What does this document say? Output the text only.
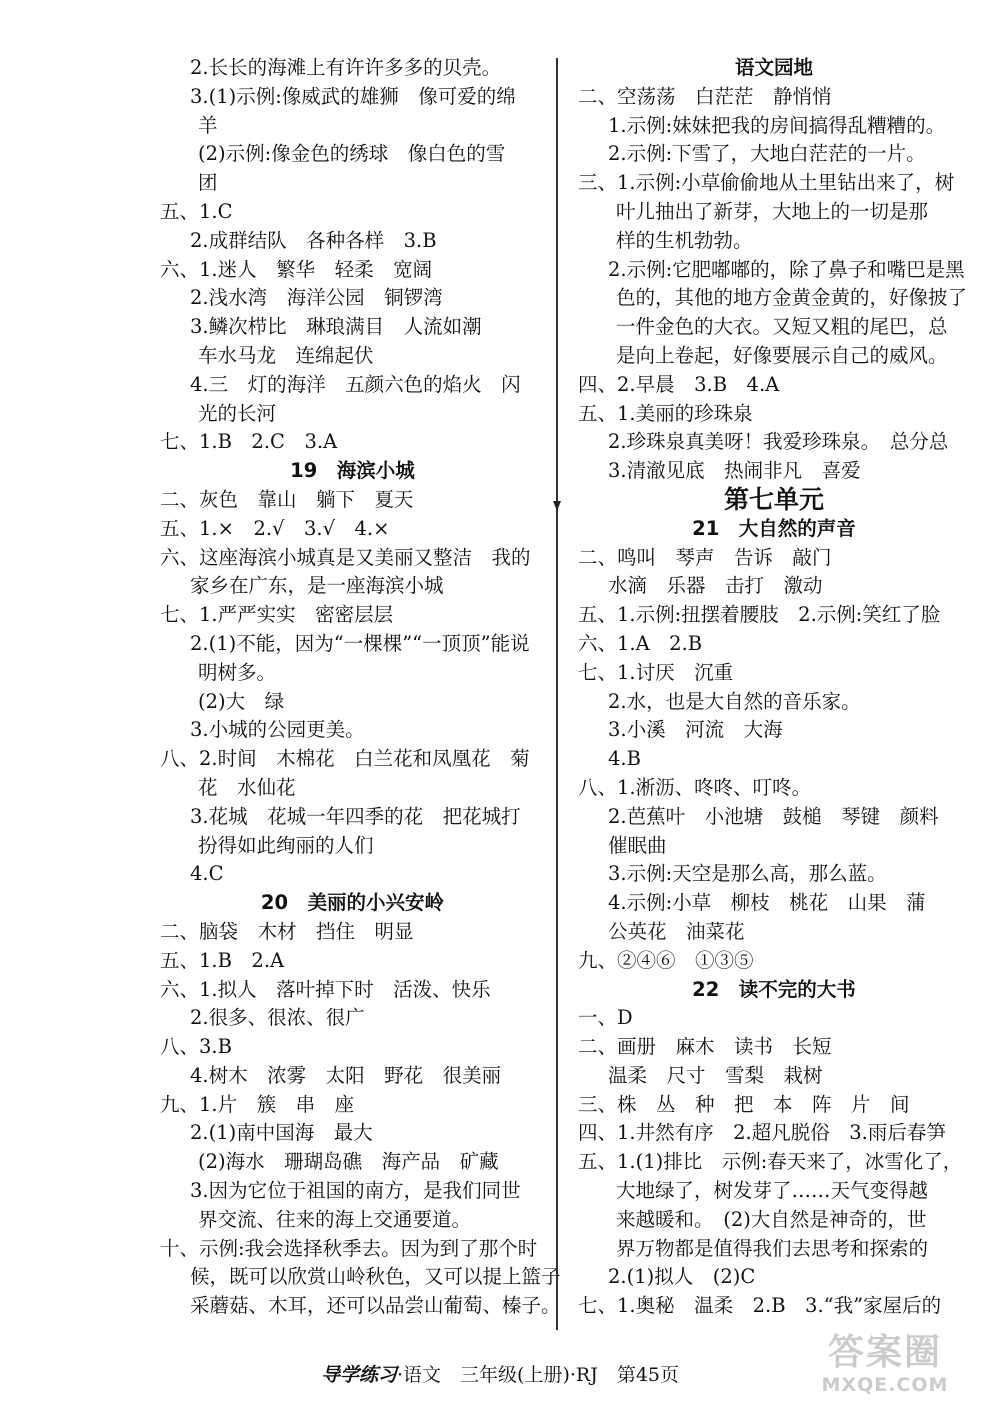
2.长长的海滩上有许许多多的贝壳。
3.(1)示例:像威武的雄狮　像可爱的绵
羊
(2)示例:像金色的绣球　像白色的雪
团
五、1.C
2.成群结队　各种各样　3.B
六、1.迷人　繁华　轻柔　宽阔
2.浅水湾　海洋公园　铜锣湾
3.鳞次栉比　琳琅满目　人流如潮
车水马龙　连绵起伏
4.三　灯的海洋　五颜六色的焰火　闪
光的长河
七、1.B　2.C　3.A
19　海滨小城
二、灰色　靠山　躺下　夏天
五、1.×　2.√　3.√　4.×
六、这座海滨小城真是又美丽又整洁　我的
家乡在广东，是一座海滨小城
七、1.严严实实　密密层层
2.(1)不能，因为“一棵棵”“一顶顶”能说
明树多。
(2)大　绿
3.小城的公园更美。
八、2.时间　木棉花　白兰花和凤凰花　菊
花　水仙花
3.花城　花城一年四季的花　把花城打
扮得如此绚丽的人们
4.C
20　美丽的小兴安岭
二、脑袋　木材　挡住　明显
五、1.B　2.A
六、1.拟人　落叶掉下时　活泼、快乐
2.很多、很浓、很广
八、3.B
4.树木　浓雾　太阳　野花　很美丽
九、1.片　簇　串　座
2.(1)南中国海　最大
(2)海水　珊瑚岛礁　海产品　矿藏
3.因为它位于祖国的南方，是我们同世
界交流、往来的海上交通要道。
十、示例:我会选择秋季去。因为到了那个时
候，既可以欣赏山岭秋色，又可以提上篮子
采蘑菇、木耳，还可以品尝山葡萄、榛子。
语文园地
二、空荡荡　白茫茫　静悄悄
1.示例:妹妹把我的房间搞得乱糟糟的。
2.示例:下雪了，大地白茫茫的一片。
三、1.示例:小草偷偷地从土里钻出来了，树
叶儿抽出了新芽，大地上的一切是那
样的生机勃勃。
2.示例:它肥嘟嘟的，除了鼻子和嘴巴是黑
色的，其他的地方金黄金黄的，好像披了
一件金色的大衣。又短又粗的尾巴，总
是向上卷起，好像要展示自己的威风。
四、2.早晨　3.B　4.A
五、1.美丽的珍珠泉
2.珍珠泉真美呀！我爱珍珠泉。　总分总
3.清澈见底　热闹非凡　喜爱
第七单元
21　大自然的声音
二、鸣叫　琴声　告诉　敲门
水滴　乐器　击打　激动
五、1.示例:扭摆着腰肢　2.示例:笑红了脸
六、1.A　2.B
七、1.讨厌　沉重
2.水，也是大自然的音乐家。
3.小溪　河流　大海
4.B
八、1.淅沥、咚咚、叮咚。
2.芭蕉叶　小池塘　鼓槌　琴键　颜料
催眠曲
3.示例:天空是那么高，那么蓝。
4.示例:小草　柳枝　桃花　山果　蒲
公英花　油菜花
九、②④⑥　①③⑤
22　读不完的大书
一、D
二、画册　麻木　读书　长短
温柔　尺寸　雪梨　栽树
三、株　丛　种　把　本　阵　片　间
四、1.井然有序　2.超凡脱俗　3.雨后春笋
五、1.(1)排比　示例:春天来了，冰雪化了，
大地绿了，树发芽了……天气变得越
来越暖和。　(2)大自然是神奇的，世
界万物都是值得我们去思考和探索的
2.(1)拟人　(2)C
七、1.奥秘　温柔　2.B　3.“我”家屋后的
导学练习·语文　三年级(上册)·RJ　第45页
答案圈
MXQE.COM
